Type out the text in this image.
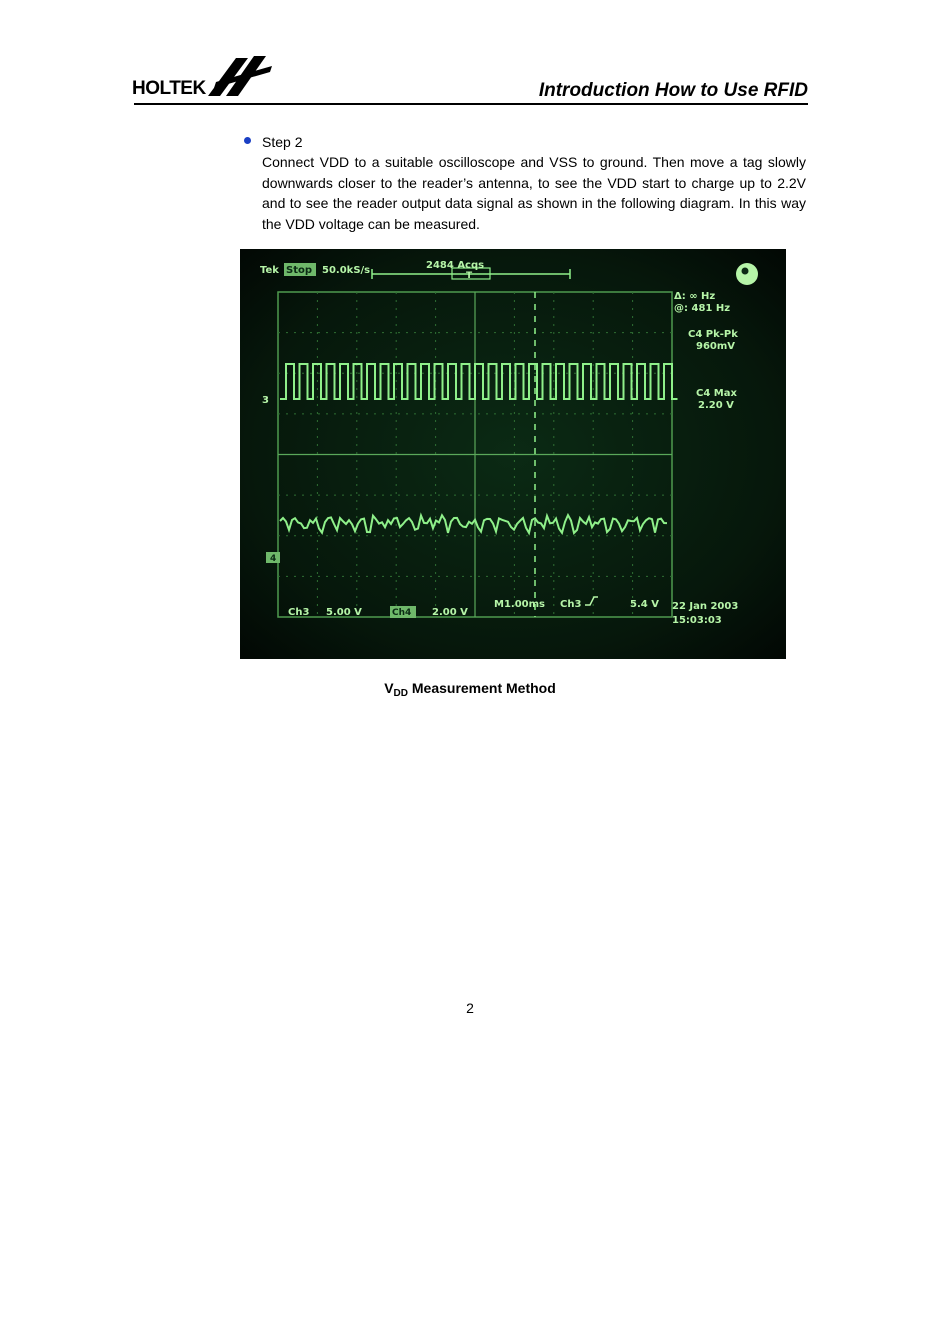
HOLTEK	Introduction How to Use RFID
Step 2

Connect VDD to a suitable oscilloscope and VSS to ground. Then move a tag slowly downwards closer to the reader’s antenna, to see the VDD start to charge up to 2.2V and to see the reader output data signal as shown in the following diagram. In this way the VDD voltage can be measured.

T
Tek Stop 50.0kS/s	2484 Acqs
Δ: ∞ Hz
@: 481 Hz
C4 Pk-Pk
960mV
C4 Max
2.20 V
3
4
Ch3 5.00 V	Ch4 2.00 V
M1.00ms Ch3	5.4 V 22 Jan 2003
15:03:03
$V_{DD}$ Measurement Method
2
